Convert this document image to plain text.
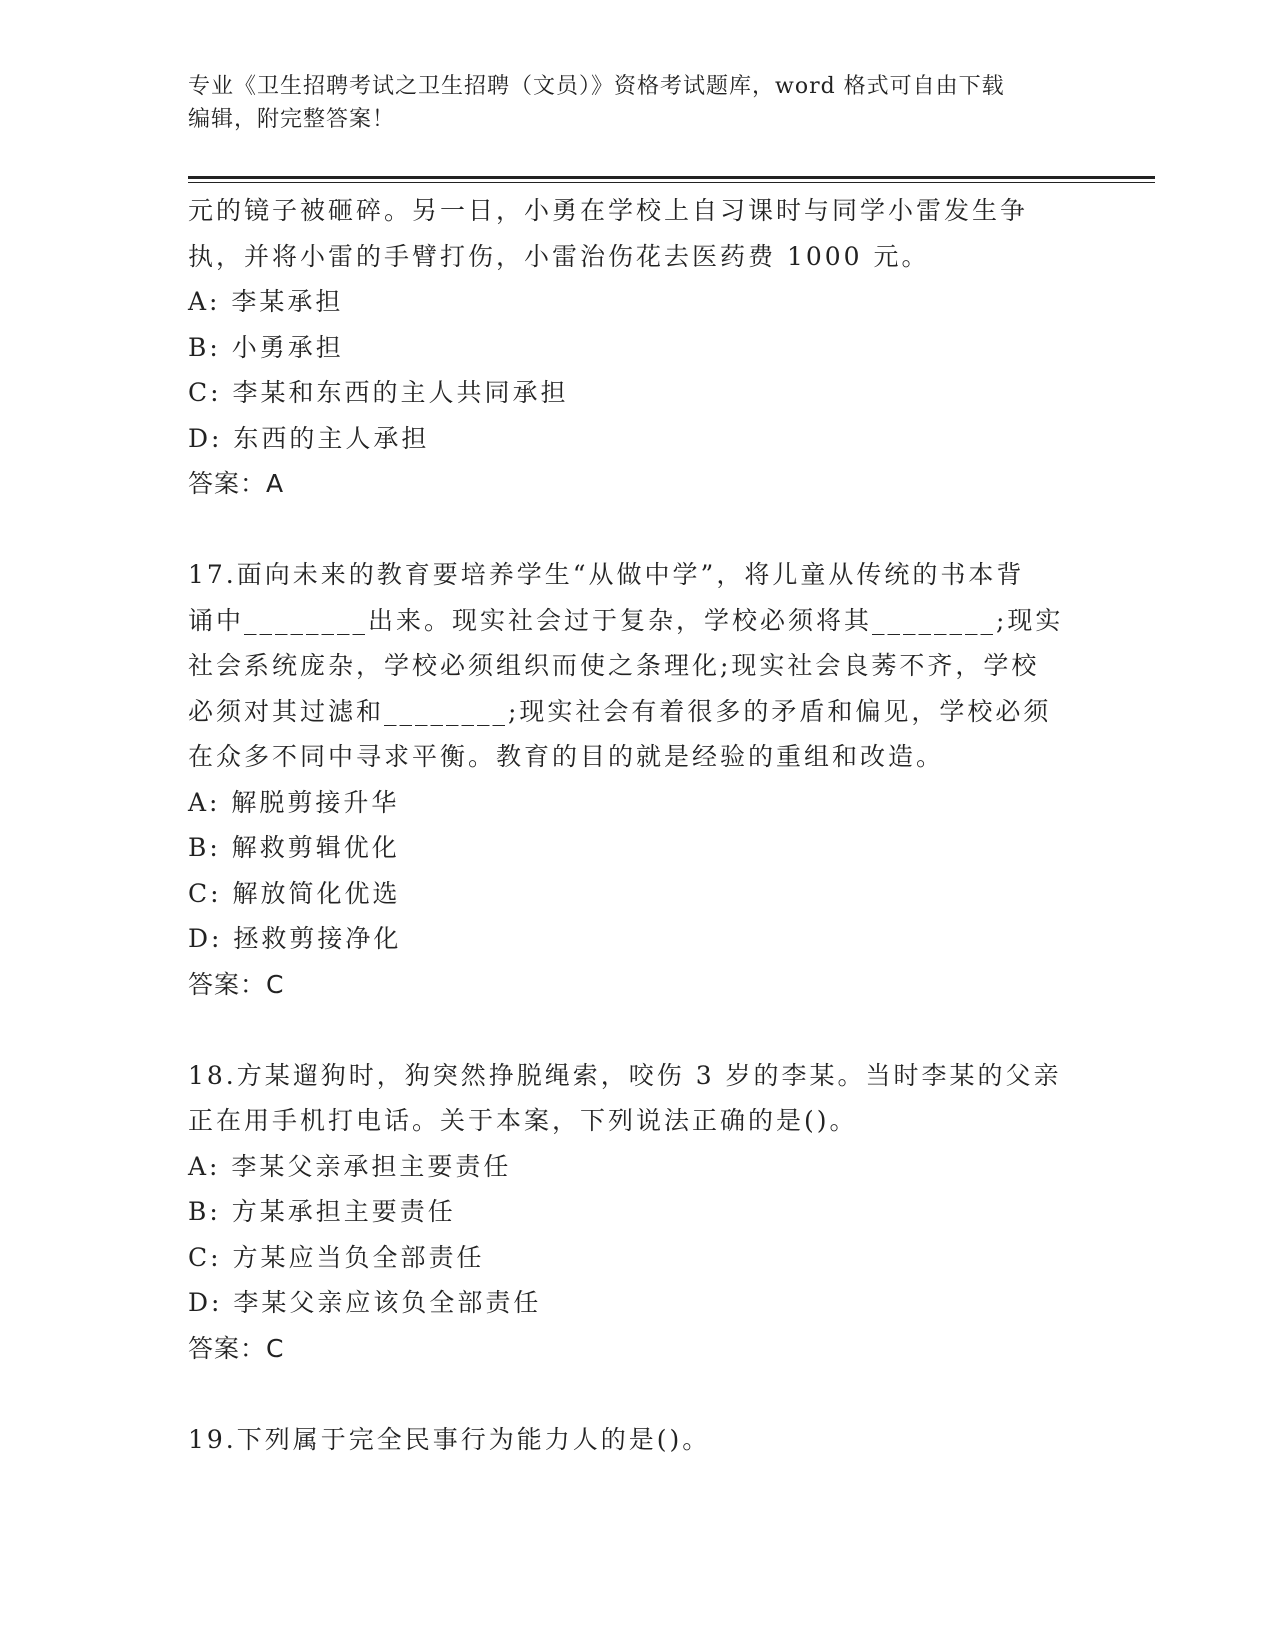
专业《卫生招聘考试之卫生招聘（文员）》资格考试题库，word 格式可自由下载
编辑，附完整答案！

元的镜子被砸碎。另一日，小勇在学校上自习课时与同学小雷发生争

执，并将小雷的手臂打伤，小雷治伤花去医药费 1000 元。

A: 李某承担

B: 小勇承担

C: 李某和东西的主人共同承担

D: 东西的主人承担

答案：A

17.面向未来的教育要培养学生“从做中学”，将儿童从传统的书本背

诵中________出来。现实社会过于复杂，学校必须将其________;现实

社会系统庞杂，学校必须组织而使之条理化;现实社会良莠不齐，学校

必须对其过滤和________;现实社会有着很多的矛盾和偏见，学校必须

在众多不同中寻求平衡。教育的目的就是经验的重组和改造。

A: 解脱剪接升华

B: 解救剪辑优化

C: 解放简化优选

D: 拯救剪接净化

答案：C

18.方某遛狗时，狗突然挣脱绳索，咬伤 3 岁的李某。当时李某的父亲

正在用手机打电话。关于本案，下列说法正确的是()。

A: 李某父亲承担主要责任

B: 方某承担主要责任

C: 方某应当负全部责任

D: 李某父亲应该负全部责任

答案：C

19.下列属于完全民事行为能力人的是()。
